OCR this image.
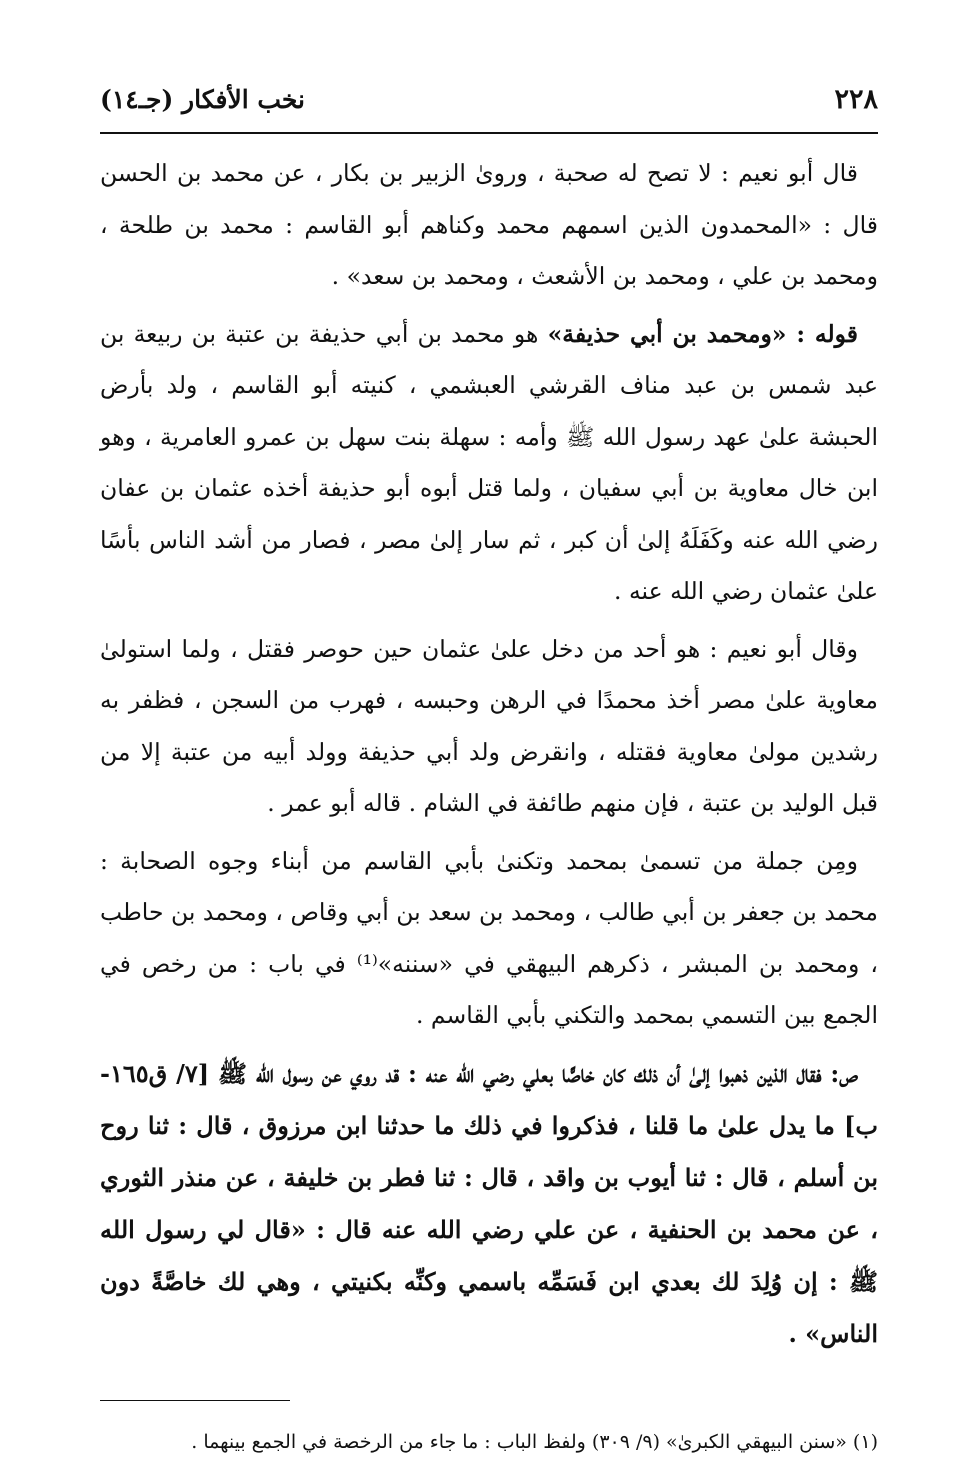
٢٢٨
نخب الأفكار (جـ١٤)

قال أبو نعيم : لا تصح له صحبة ، وروىٰ الزبير بن بكار ، عن محمد بن الحسن قال : «المحمدون الذين اسمهم محمد وكناهم أبو القاسم : محمد بن طلحة ، ومحمد بن علي ، ومحمد بن الأشعث ، ومحمد بن سعد» .

قوله : «ومحمد بن أبي حذيفة» هو محمد بن أبي حذيفة بن عتبة بن ربيعة بن عبد شمس بن عبد مناف القرشي العبشمي ، كنيته أبو القاسم ، ولد بأرض الحبشة علىٰ عهد رسول الله ﷺ وأمه : سهلة بنت سهل بن عمرو العامرية ، وهو ابن خال معاوية بن أبي سفيان ، ولما قتل أبوه أبو حذيفة أخذه عثمان بن عفان رضي الله عنه وكَفَلَهُ إلىٰ أن كبر ، ثم سار إلىٰ مصر ، فصار من أشد الناس بأسًا علىٰ عثمان رضي الله عنه .

وقال أبو نعيم : هو أحد من دخل علىٰ عثمان حين حوصر فقتل ، ولما استولىٰ معاوية علىٰ مصر أخذ محمدًا في الرهن وحبسه ، فهرب من السجن ، فظفر به رشدين مولىٰ معاوية فقتله ، وانقرض ولد أبي حذيفة وولد أبيه من عتبة إلا من قبل الوليد بن عتبة ، فإن منهم طائفة في الشام . قاله أبو عمر .

ومِن جملة من تسمىٰ بمحمد وتكنىٰ بأبي القاسم من أبناء وجوه الصحابة : محمد بن جعفر بن أبي طالب ، ومحمد بن سعد بن أبي وقاص ، ومحمد بن حاطب ، ومحمد بن المبشر ، ذكرهم البيهقي في «سننه»⁽¹⁾ في باب : من رخص في الجمع بين التسمي بمحمد والتكني بأبي القاسم .

ص: فقال الذين ذهبوا إلىٰ أن ذلك كان خاصًّا بعلي رضي الله عنه : قد روي عن رسول الله ﷺ [٧/ ق١٦٥-ب] ما يدل علىٰ ما قلنا ، فذكروا في ذلك ما حدثنا ابن مرزوق ، قال : ثنا روح بن أسلم ، قال : ثنا أيوب بن واقد ، قال : ثنا فطر بن خليفة ، عن منذر الثوري ، عن محمد بن الحنفية ، عن علي رضي الله عنه قال : «قال لي رسول الله ﷺ : إن وُلِدَ لك بعدي ابن فَسَمِّه باسمي وكنِّه بكنيتي ، وهي لك خاصَّةً دون الناس» .

(١) «سنن البيهقي الكبرىٰ» (٩/ ٣٠٩) ولفظ الباب : ما جاء من الرخصة في الجمع بينهما .
